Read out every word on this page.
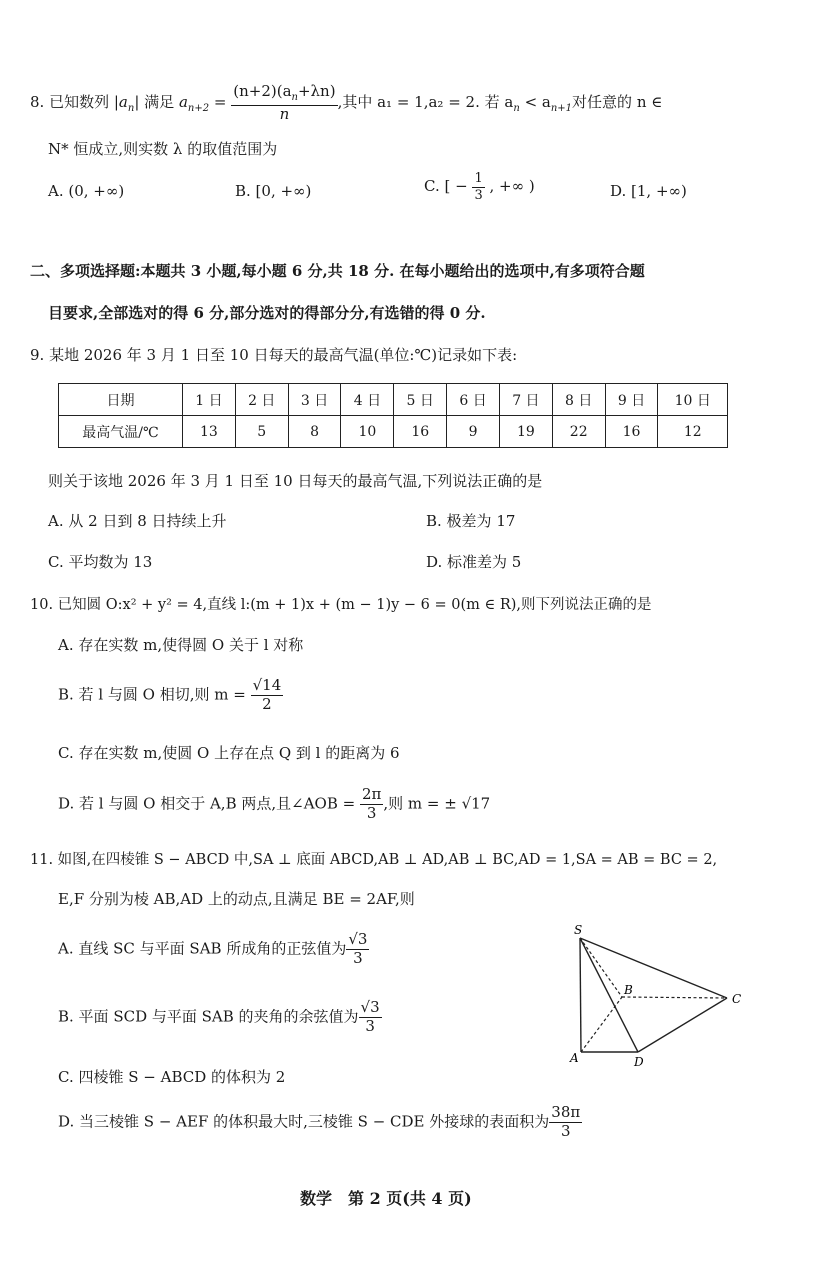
8. 已知数列 $|a_n|$ 满足 $a_{n+2} = \frac{(n+2)(a_n+\lambda n)}{n}$ ,其中 a₁ = 1,a₂ = 2. 若 $a_n < a_{n+1}$对任意的 n ∈
N* 恒成立,则实数 λ 的取值范围为
A. (0, +∞)	B. [0, +∞)	C. [ − $\frac{1}{3}$ , +∞ )	D. [1, +∞)
二、多项选择题:本题共 3 小题,每小题 6 分,共 18 分. 在每小题给出的选项中,有多项符合题
目要求,全部选对的得 6 分,部分选对的得部分分,有选错的得 0 分.
9. 某地 2026 年 3 月 1 日至 10 日每天的最高气温(单位:℃)记录如下表:
日期	1 日	2 日	3 日	4 日	5 日	6 日	7 日	8 日	9 日	10 日
最高气温/℃	13	5	8	10	16	9	19	22	16	12
则关于该地 2026 年 3 月 1 日至 10 日每天的最高气温,下列说法正确的是
A. 从 2 日到 8 日持续上升	B. 极差为 17
C. 平均数为 13	D. 标准差为 5
10. 已知圆 O:x² + y² = 4,直线 l:(m + 1)x + (m − 1)y − 6 = 0(m ∈ R),则下列说法正确的是
A. 存在实数 m,使得圆 O 关于 l 对称
B. 若 l 与圆 O 相切,则 $m = \frac{√14}{2}$
C. 存在实数 m,使圆 O 上存在点 Q 到 l 的距离为 6
D. 若 l 与圆 O 相交于 A,B 两点,且∠AOB = $\frac{2\pi}{3}$ ,则 m = ± √17
11. 如图,在四棱锥 S − ABCD 中,SA ⊥ 底面 ABCD,AB ⊥ AD,AB ⊥ BC,AD = 1,SA = AB = BC = 2,
E,F 分别为棱 AB,AD 上的动点,且满足 BE = 2AF,则
A. 直线 SC 与平面 SAB 所成角的正弦值为 $\frac{√3}{3}$
B. 平面 SCD 与平面 SAB 的夹角的余弦值为 $\frac{√3}{3}$
C. 四棱锥 S − ABCD 的体积为 2
D. 当三棱锥 S − AEF 的体积最大时,三棱锥 S − CDE 外接球的表面积为 $\frac{38\pi}{3}$
S
B
C
A	D
数学　第 2 页(共 4 页)
